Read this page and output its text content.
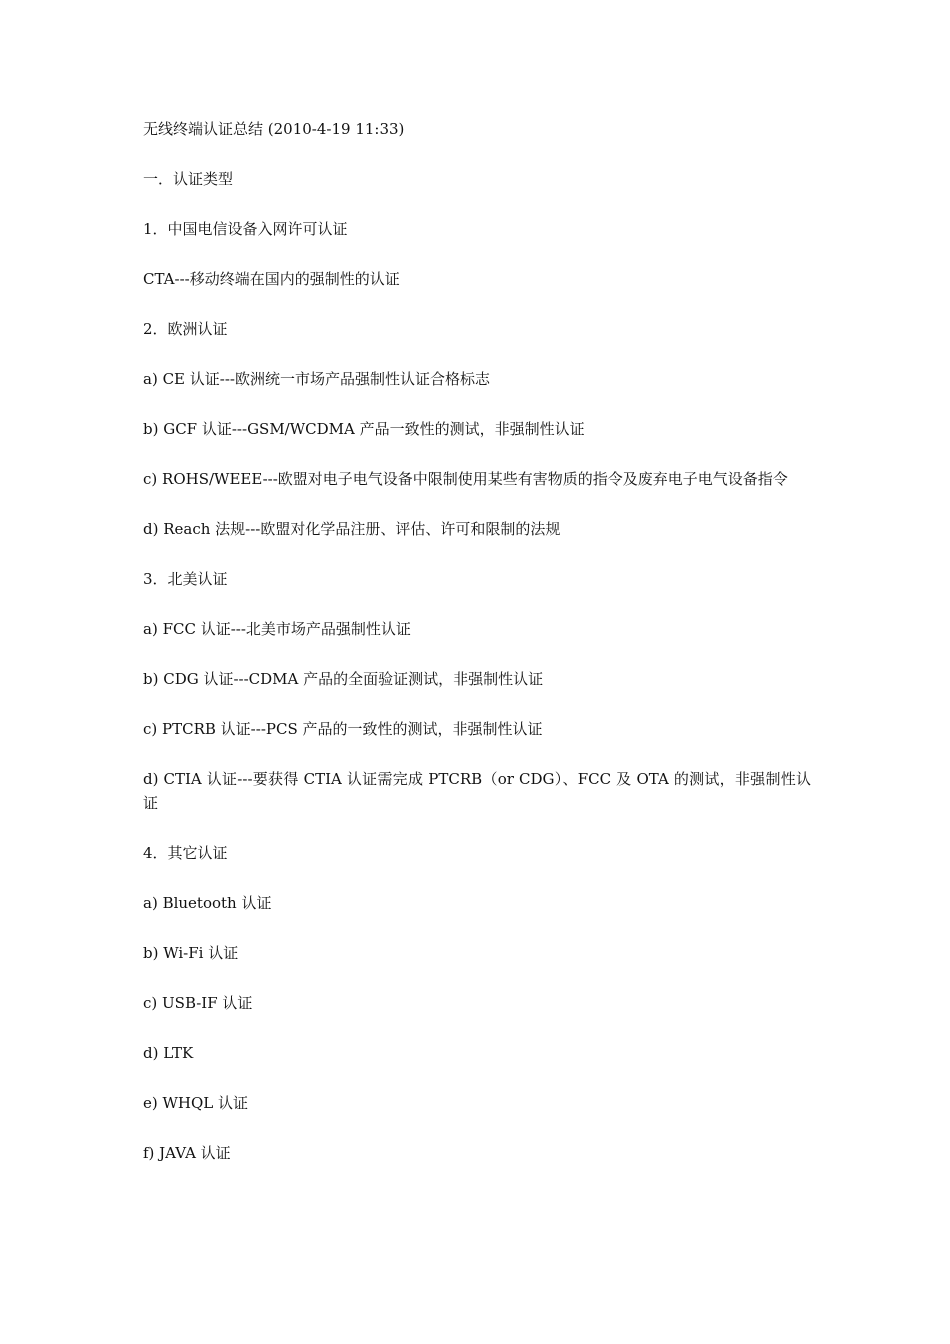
无线终端认证总结 (2010-4-19 11:33)

一．认证类型

1．中国电信设备入网许可认证

CTA---移动终端在国内的强制性的认证

2．欧洲认证

a) CE 认证---欧洲统一市场产品强制性认证合格标志

b) GCF 认证---GSM/WCDMA 产品一致性的测试，非强制性认证

c) ROHS/WEEE---欧盟对电子电气设备中限制使用某些有害物质的指令及废弃电子电气设备指令

d) Reach 法规---欧盟对化学品注册、评估、许可和限制的法规

3．北美认证

a) FCC 认证---北美市场产品强制性认证

b) CDG 认证---CDMA 产品的全面验证测试，非强制性认证

c) PTCRB 认证---PCS 产品的一致性的测试，非强制性认证

d) CTIA 认证---要获得 CTIA 认证需完成 PTCRB（or CDG）、FCC 及 OTA 的测试，非强制性认证

4．其它认证

a) Bluetooth 认证

b) Wi-Fi 认证

c) USB-IF 认证

d) LTK

e) WHQL 认证

f) JAVA 认证
